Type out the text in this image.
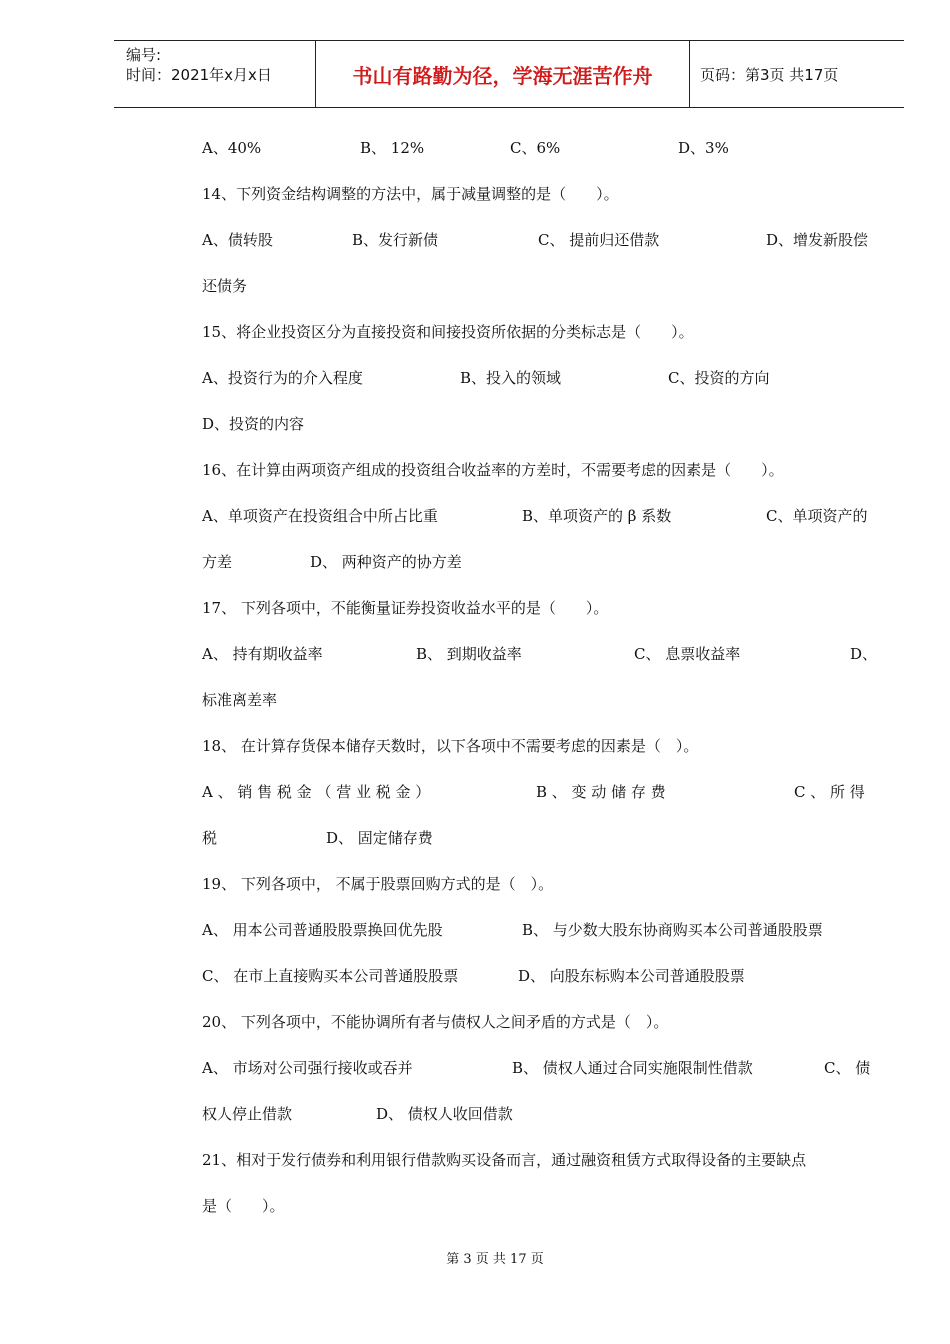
编号:
时间：2021年x月x日	书山有路勤为径，学海无涯苦作舟	页码：第3页 共17页
A、40%	B、 12%	C、6%	D、3%
14、下列资金结构调整的方法中，属于减量调整的是（　　）。
A、债转股	B、发行新债	C、 提前归还借款	D、增发新股偿
还债务
15、将企业投资区分为直接投资和间接投资所依据的分类标志是（　　）。
A、投资行为的介入程度	B、投入的领域	C、投资的方向
D、投资的内容
16、在计算由两项资产组成的投资组合收益率的方差时，不需要考虑的因素是（　　）。
A、单项资产在投资组合中所占比重	B、单项资产的 β 系数	C、单项资产的
方差	D、 两种资产的协方差
17、 下列各项中，不能衡量证券投资收益水平的是（　　）。
A、 持有期收益率	B、 到期收益率	C、 息票收益率	D、
标准离差率
18、 在计算存货保本储存天数时，以下各项中不需要考虑的因素是（　）。
A 、 销 售 税 金 （ 营 业 税 金 ）	B 、 变 动 储 存 费	C 、 所 得
税	D、 固定储存费
19、 下列各项中， 不属于股票回购方式的是（　）。
A、 用本公司普通股股票换回优先股	B、 与少数大股东协商购买本公司普通股股票
C、 在市上直接购买本公司普通股股票	D、 向股东标购本公司普通股股票
20、 下列各项中，不能协调所有者与债权人之间矛盾的方式是（　）。
A、 市场对公司强行接收或吞并	B、 债权人通过合同实施限制性借款	C、 债
权人停止借款	D、 债权人收回借款
21、相对于发行债券和利用银行借款购买设备而言，通过融资租赁方式取得设备的主要缺点
是（　　）。
第 3 页 共 17 页
